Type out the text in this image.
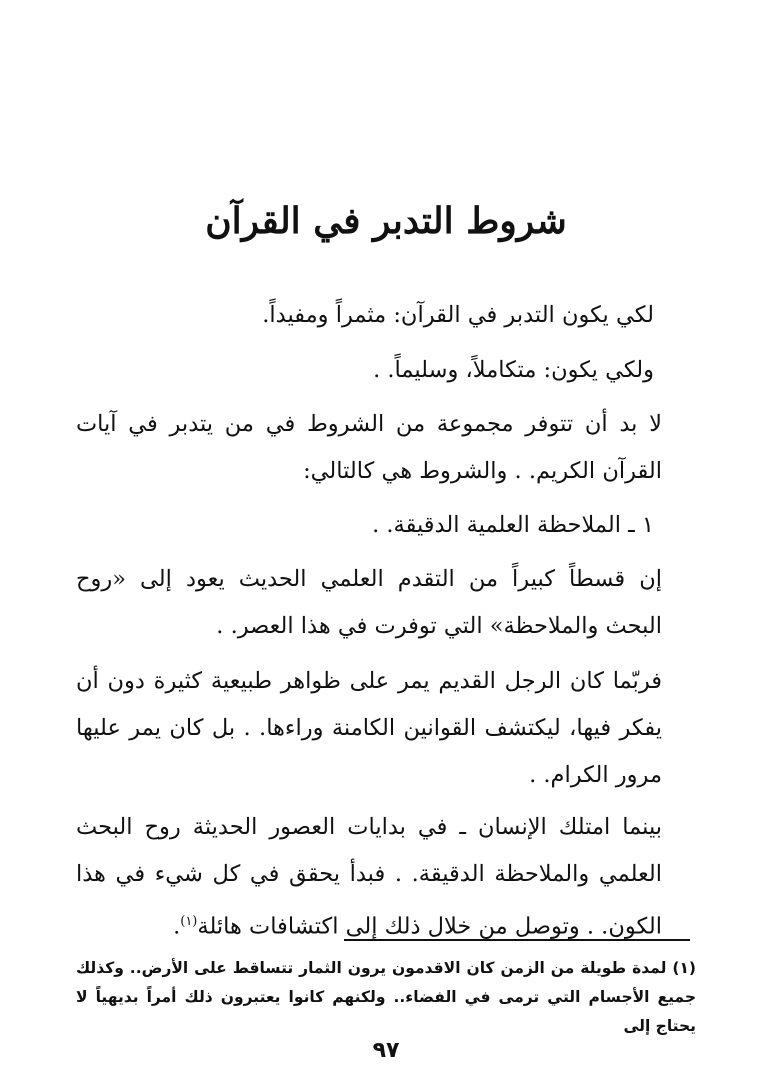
شروط التدبر في القرآن

لكي يكون التدبر في القرآن: مثمراً ومفيداً.

ولكي يكون: متكاملاً، وسليماً. .

لا بد أن تتوفر مجموعة من الشروط في من يتدبر في آيات القرآن الكريم. . والشروط هي كالتالي:

١ ـ الملاحظة العلمية الدقيقة. .

إن قسطاً كبيراً من التقدم العلمي الحديث يعود إلى «روح البحث والملاحظة» التي توفرت في هذا العصر. .

فربّما كان الرجل القديم يمر على ظواهر طبيعية كثيرة دون أن يفكر فيها، ليكتشف القوانين الكامنة وراءها. . بل كان يمر عليها مرور الكرام. .

بينما امتلك الإنسان ـ في بدايات العصور الحديثة روح البحث العلمي والملاحظة الدقيقة. . فبدأ يحقق في كل شيء في هذا الكون. . وتوصل من خلال ذلك إلى اكتشافات هائلة$^{(١)}$.

(١) لمدة طويلة من الزمن كان الاقدمون يرون الثمار تتساقط على الأرض.. وكذلك جميع الأجسام التي ترمى في الفضاء.. ولكنهم كانوا يعتبرون ذلك أمراً بديهياً لا يحتاج إلى

٩٧
